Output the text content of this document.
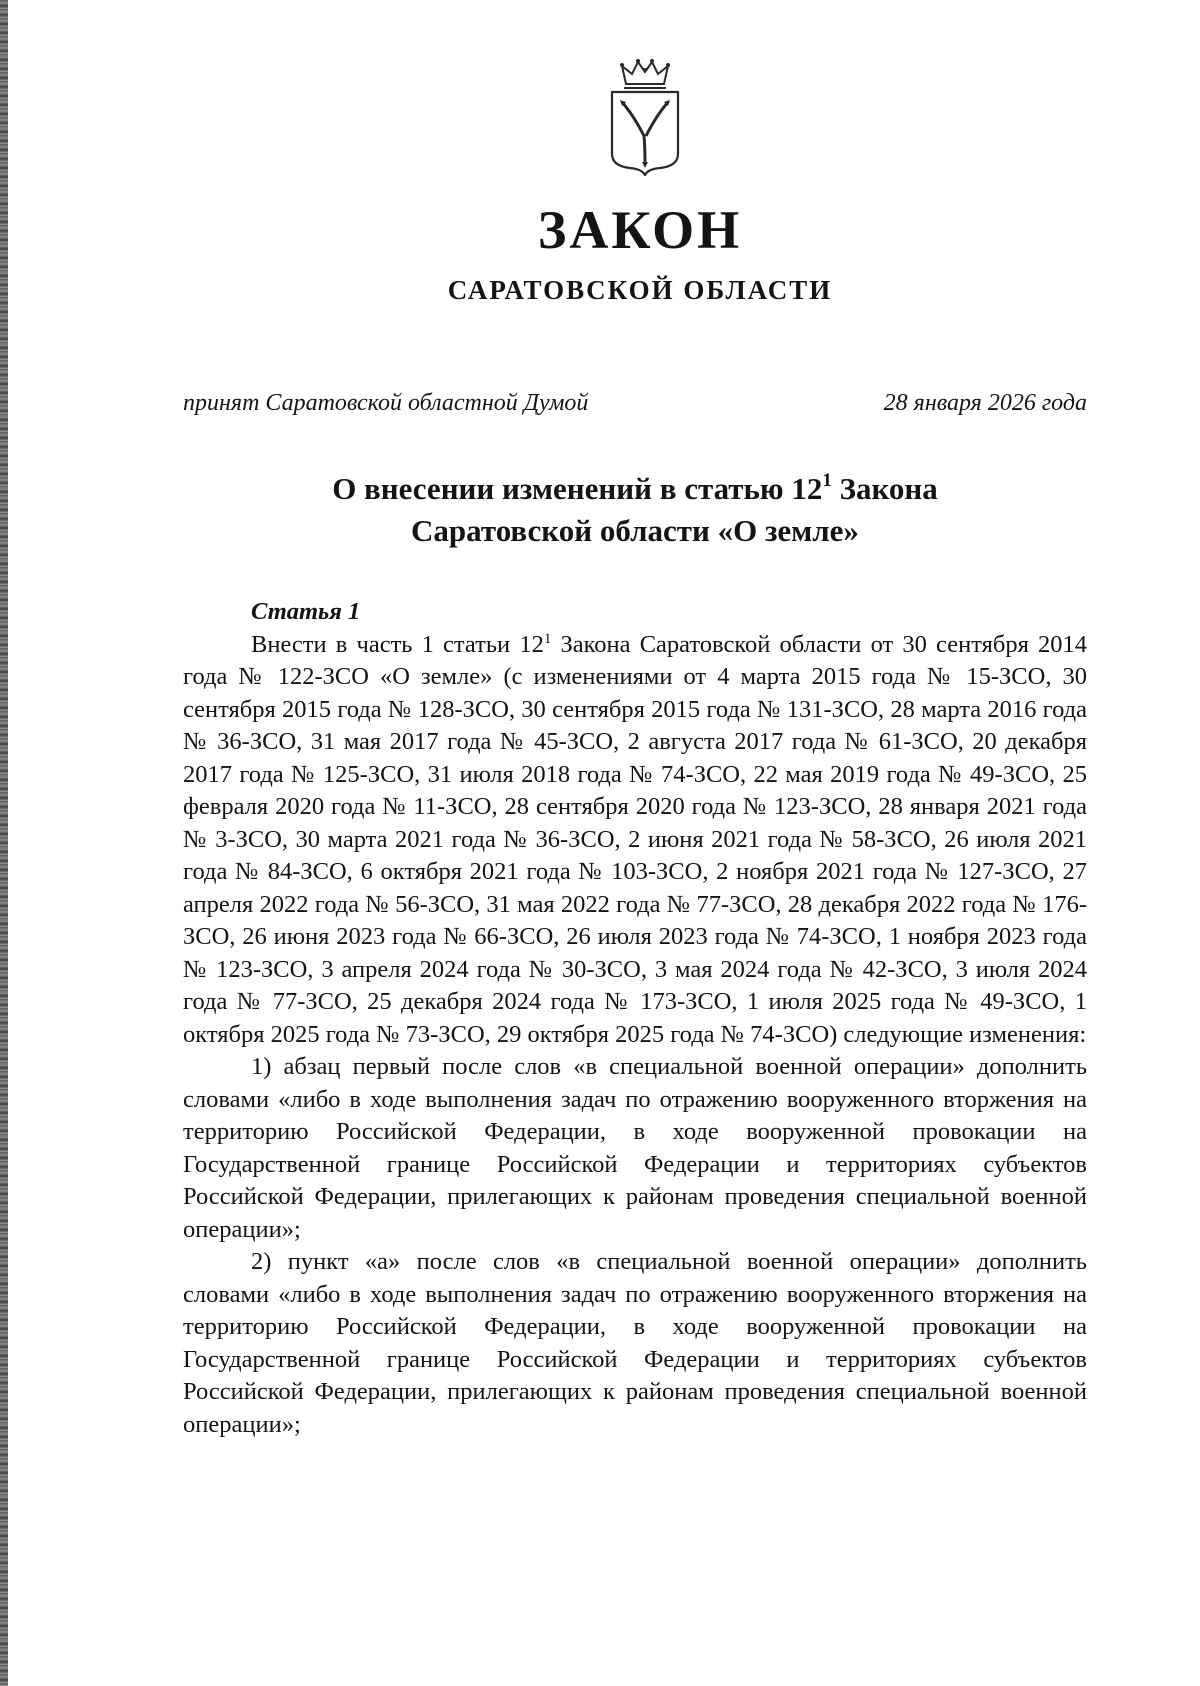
ЗАКОН
САРАТОВСКОЙ ОБЛАСТИ
принят Саратовской областной Думой	28 января 2026 года
О внесении изменений в статью $12^1$ Закона
Саратовской области «О земле»

Статья 1

Внести в часть 1 статьи $12^1$ Закона Саратовской области от 30 сентября 2014 года № 122-ЗСО «О земле» (с изменениями от 4 марта 2015 года № 15-ЗСО, 30 сентября 2015 года № 128-ЗСО, 30 сентября 2015 года № 131-ЗСО, 28 марта 2016 года № 36-ЗСО, 31 мая 2017 года № 45-ЗСО, 2 августа 2017 года № 61-ЗСО, 20 декабря 2017 года № 125-ЗСО, 31 июля 2018 года № 74-ЗСО, 22 мая 2019 года № 49-ЗСО, 25 февраля 2020 года № 11-ЗСО, 28 сентября 2020 года № 123-ЗСО, 28 января 2021 года № 3-ЗСО, 30 марта 2021 года № 36-ЗСО, 2 июня 2021 года № 58-ЗСО, 26 июля 2021 года № 84-ЗСО, 6 октября 2021 года № 103-ЗСО, 2 ноября 2021 года № 127-ЗСО, 27 апреля 2022 года № 56-ЗСО, 31 мая 2022 года № 77-ЗСО, 28 декабря 2022 года № 176-ЗСО, 26 июня 2023 года № 66-ЗСО, 26 июля 2023 года № 74-ЗСО, 1 ноября 2023 года № 123-ЗСО, 3 апреля 2024 года № 30-ЗСО, 3 мая 2024 года № 42-ЗСО, 3 июля 2024 года № 77-ЗСО, 25 декабря 2024 года № 173-ЗСО, 1 июля 2025 года № 49-ЗСО, 1 октября 2025 года № 73-ЗСО, 29 октября 2025 года № 74-ЗСО) следующие изменения:

1) абзац первый после слов «в специальной военной операции» дополнить словами «либо в ходе выполнения задач по отражению вооруженного вторжения на территорию Российской Федерации, в ходе вооруженной провокации на Государственной границе Российской Федерации и территориях субъектов Российской Федерации, прилегающих к районам проведения специальной военной операции»;

2) пункт «а» после слов «в специальной военной операции» дополнить словами «либо в ходе выполнения задач по отражению вооруженного вторжения на территорию Российской Федерации, в ходе вооруженной провокации на Государственной границе Российской Федерации и территориях субъектов Российской Федерации, прилегающих к районам проведения специальной военной операции»;
